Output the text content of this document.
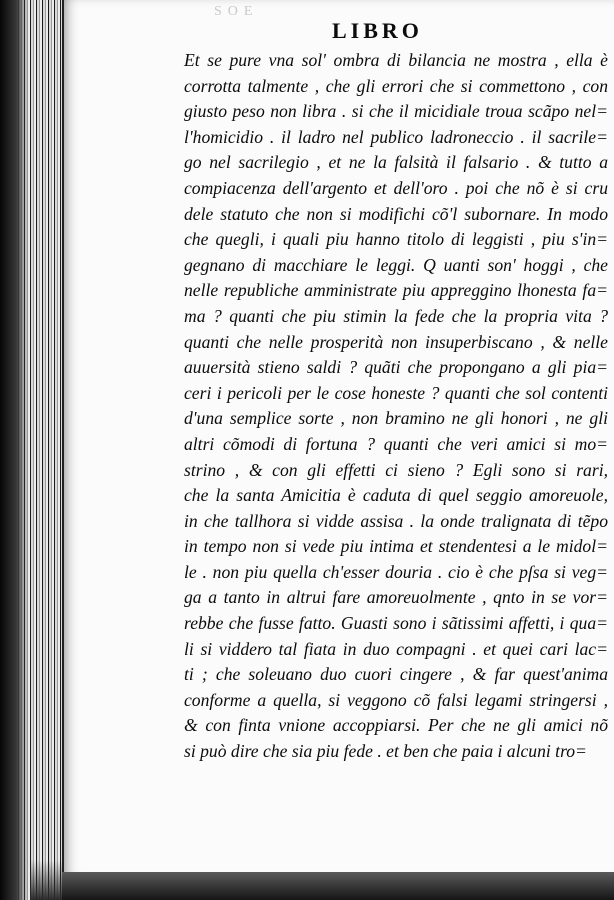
SOE
LIBRO
Et se pure vna sol' ombra di bilancia ne mostra , ella è
corrotta talmente , che gli errori che si commettono , con
giusto peso non libra . si che il micidiale troua scãpo nel=
l'homicidio . il ladro nel publico ladroneccio . il sacrile=
go nel sacrilegio , et ne la falsità il falsario . & tutto a
compiacenza dell'argento et dell'oro . poi che nõ è si cru
dele statuto che non si modifichi cõ'l subornare. In modo
che quegli, i quali piu hanno titolo di leggisti , piu s'in=
gegnano di macchiare le leggi. Q uanti son' hoggi , che
nelle republiche amministrate piu appreggino lhonesta fa=
ma ? quanti che piu stimin la fede che la propria vita ?
quanti che nelle prosperità non insuperbiscano , & nelle
auuersità stieno saldi ? quãti che propongano a gli pia=
ceri i pericoli per le cose honeste ? quanti che sol contenti
d'una semplice sorte , non bramino ne gli honori , ne gli
altri cõmodi di fortuna ? quanti che veri amici si mo=
strino , & con gli effetti ci sieno ? Egli sono si rari,
che la santa Amicitia è caduta di quel seggio amoreuole,
in che tallhora si vidde assisa . la onde tralignata di tẽpo
in tempo non si vede piu intima et stendentesi a le midol=
le . non piu quella ch'esser douria . cio è che pſsa si veg=
ga a tanto in altrui fare amoreuolmente , qnto in se vor=
rebbe che fusse fatto. Guasti sono i sãtissimi affetti, i qua=
li si viddero tal fiata in duo compagni . et quei cari lac=
ti ; che soleuano duo cuori cingere , & far quest'anima
conforme a quella, si veggono cõ falsi legami stringersi ,
& con finta vnione accoppiarsi. Per che ne gli amici nõ
si può dire che sia piu fede . et ben che paia i alcuni tro=
